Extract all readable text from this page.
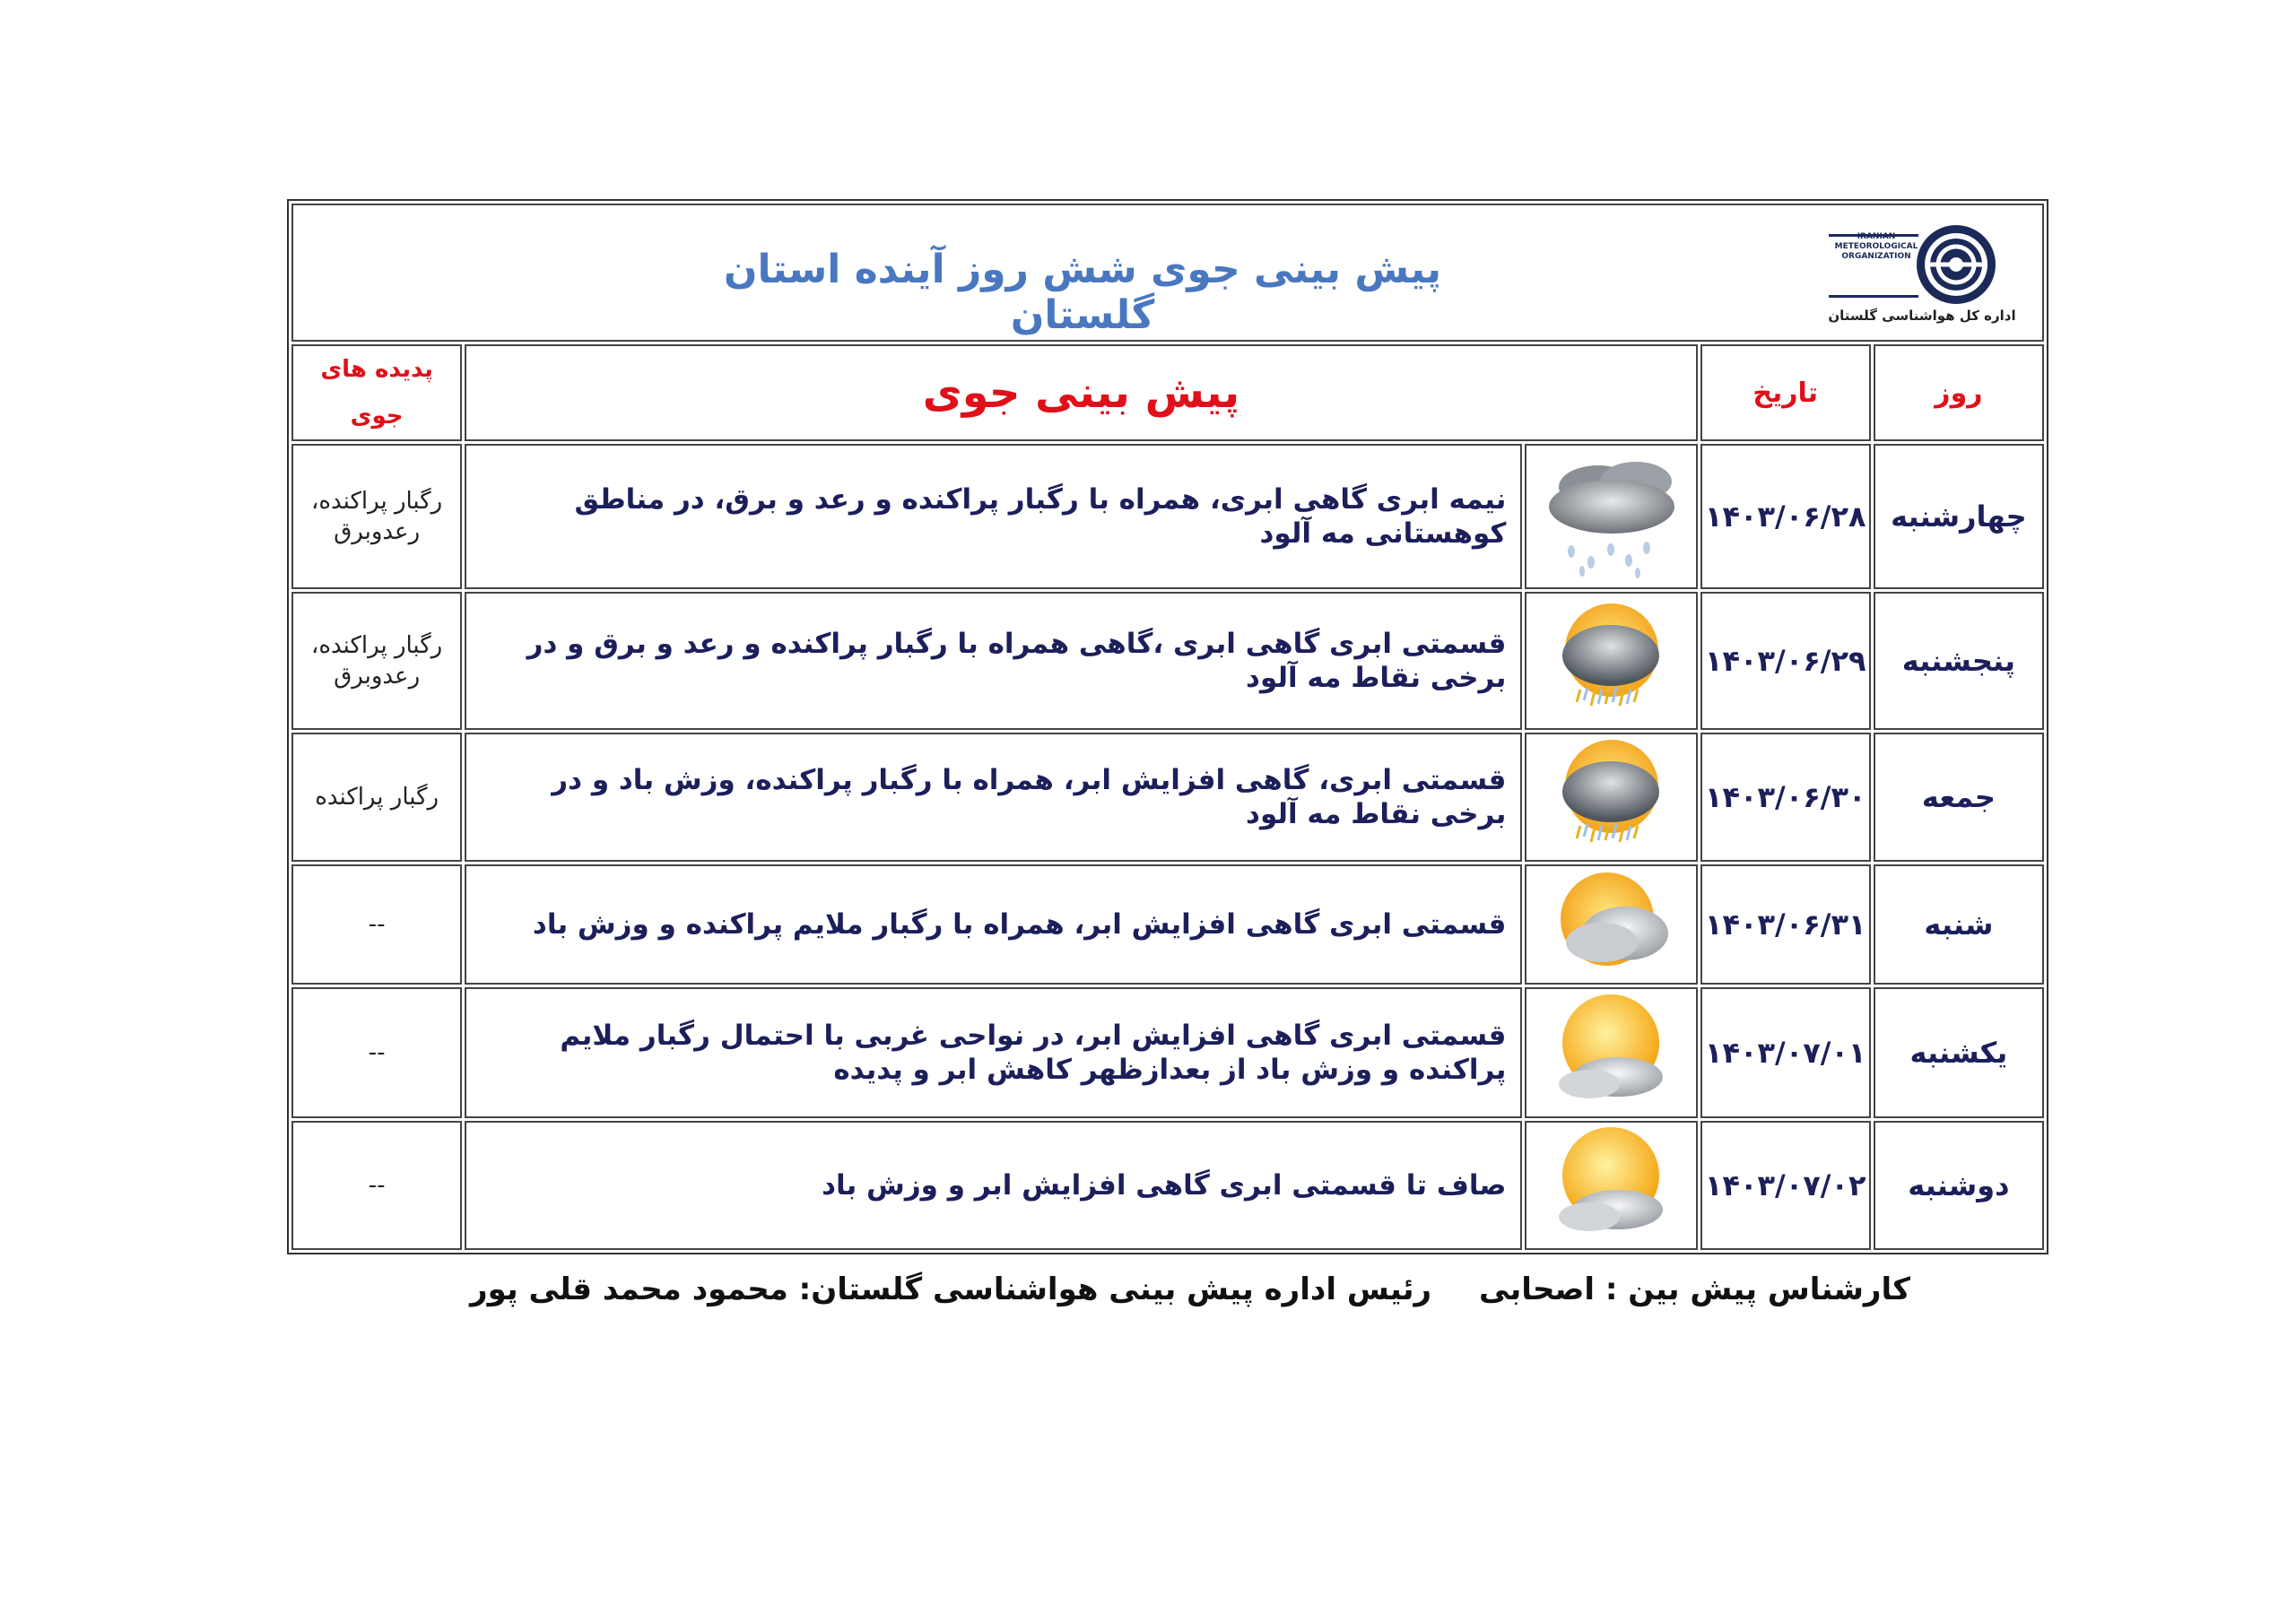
IRANIAN
METEOROLOGICAL
ORGANIZATION
اداره کل هواشناسی گلستان
پیش بینی جوی شش روز آینده استان گلستان				

روز	تاریخ	پیش بینی جوی		پدیده های جوی
چهارشنبه	۱۴۰۳/۰۶/۲۸		نیمه ابری گاهی ابری، همراه با رگبار پراکنده و رعد و برق، در مناطق کوهستانی مه آلود	رگبار پراکنده، رعدوبرق
پنجشنبه	۱۴۰۳/۰۶/۲۹		قسمتی ابری گاهی ابری ،گاهی همراه با رگبار پراکنده و رعد و برق و در برخی نقاط مه آلود	رگبار پراکنده، رعدوبرق
جمعه	۱۴۰۳/۰۶/۳۰		قسمتی ابری، گاهی افزایش ابر، همراه با رگبار پراکنده، وزش باد و در برخی نقاط مه آلود	رگبار پراکنده
شنبه	۱۴۰۳/۰۶/۳۱		قسمتی ابری گاهی افزایش ابر، همراه با رگبار ملایم پراکنده و وزش باد	--
یکشنبه	۱۴۰۳/۰۷/۰۱		قسمتی ابری گاهی افزایش ابر، در نواحی غربی با احتمال رگبار ملایم پراکنده و وزش باد از بعدازظهر کاهش ابر و پدیده	--
دوشنبه	۱۴۰۳/۰۷/۰۲		صاف تا قسمتی ابری گاهی افزایش ابر و وزش باد	--
کارشناس پیش بین : اصحابی
رئیس اداره پیش بینی هواشناسی گلستان: محمود محمد قلی پور
